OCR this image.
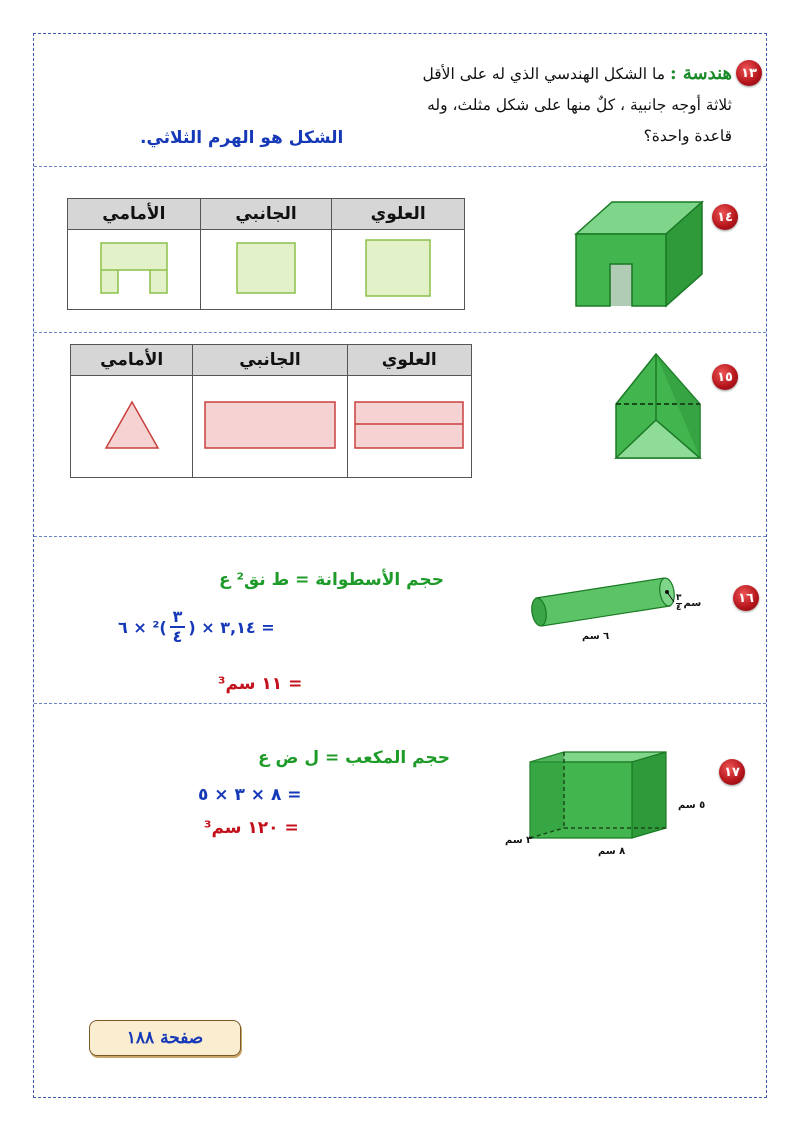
١٣
هندسة : ما الشكل الهندسي الذي له على الأقل
ثلاثة أوجه جانبية ، كلٌ منها على شكل مثلث، وله
قاعدة واحدة؟
الشكل هو الهرم الثلاثي.
١٤
العلوي	الجانبي	الأمامي

١٥
العلوي	الجانبي	الأمامي

١٦
سم
٣
٤
٦ سم
حجم الأسطوانة = ط نق² ع
٦ × ²(
٣
٤ ) × ٣,١٤ =
= ١١ سم³
١٧
٥ سم
٣ سم
٨ سم
حجم المكعب = ل ض ع
= ٨ × ٣ × ٥
= ١٢٠ سم³
صفحة ١٨٨
